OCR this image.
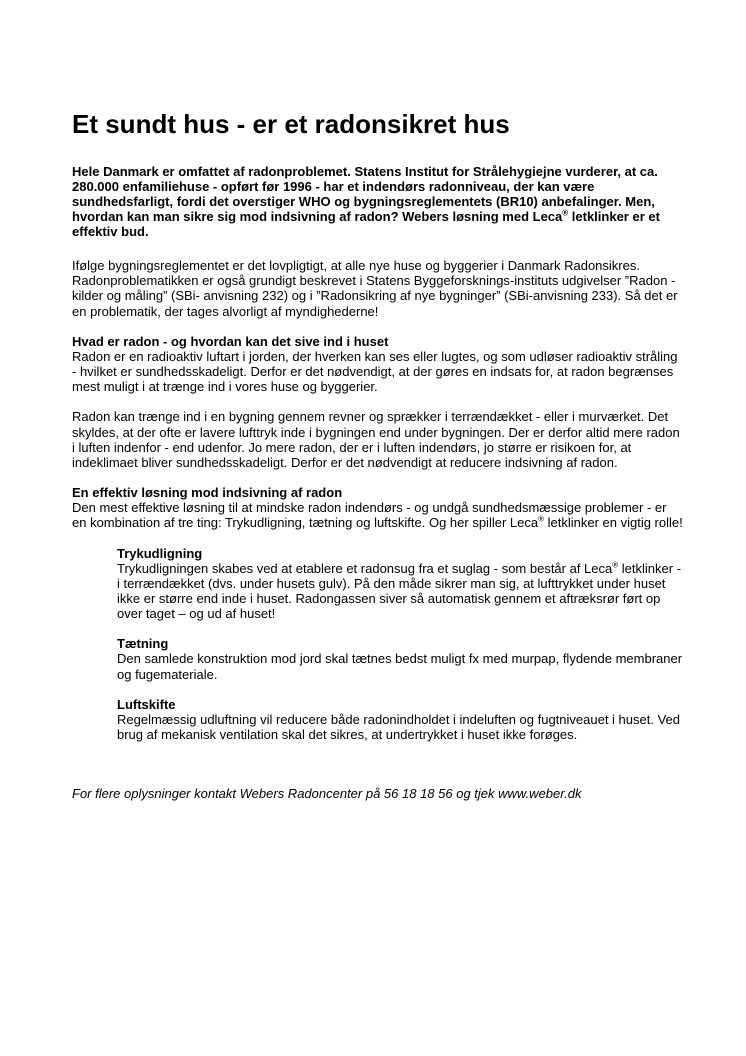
Et sundt hus - er et radonsikret hus

Hele Danmark er omfattet af radonproblemet. Statens Institut for Strålehygiejne vurderer, at ca. 280.000 enfamiliehuse - opført før 1996 - har et indendørs radonniveau, der kan være sundhedsfarligt, fordi det overstiger WHO og bygningsreglementets (BR10) anbefalinger. Men, hvordan kan man sikre sig mod indsivning af radon? Webers løsning med Leca® letklinker er et effektiv bud.

Ifølge bygningsreglementet er det lovpligtigt, at alle nye huse og byggerier i Danmark Radonsikres. Radonproblematikken er også grundigt beskrevet i Statens Byggeforsknings-instituts udgivelser ”Radon - kilder og måling” (SBi- anvisning 232) og i ”Radonsikring af nye bygninger” (SBi-anvisning 233). Så det er en problematik, der tages alvorligt af myndighederne!

Hvad er radon - og hvordan kan det sive ind i huset

Radon er en radioaktiv luftart i jorden, der hverken kan ses eller lugtes, og som udløser radioaktiv stråling - hvilket er sundhedsskadeligt. Derfor er det nødvendigt, at der gøres en indsats for, at radon begrænses mest muligt i at trænge ind i vores huse og byggerier.

Radon kan trænge ind i en bygning gennem revner og sprækker i terrændækket - eller i murværket. Det skyldes, at der ofte er lavere lufttryk inde i bygningen end under bygningen. Der er derfor altid mere radon i luften indenfor - end udenfor. Jo mere radon, der er i luften indendørs, jo større er risikoen for, at indeklimaet bliver sundhedsskadeligt. Derfor er det nødvendigt at reducere indsivning af radon.

En effektiv løsning mod indsivning af radon

Den mest effektive løsning til at mindske radon indendørs - og undgå sundhedsmæssige problemer - er en kombination af tre ting: Trykudligning, tætning og luftskifte. Og her spiller Leca® letklinker en vigtig rolle!

Trykudligning

Trykudligningen skabes ved at etablere et radonsug fra et suglag - som består af Leca® letklinker - i terrændækket (dvs. under husets gulv). På den måde sikrer man sig, at lufttrykket under huset ikke er større end inde i huset. Radongassen siver så automatisk gennem et aftræksrør ført op over taget – og ud af huset!

Tætning

Den samlede konstruktion mod jord skal tætnes bedst muligt fx med murpap, flydende membraner og fugemateriale.

Luftskifte

Regelmæssig udluftning vil reducere både radonindholdet i indeluften og fugtniveauet i huset. Ved brug af mekanisk ventilation skal det sikres, at undertrykket i huset ikke forøges.

For flere oplysninger kontakt Webers Radoncenter på 56 18 18 56 og tjek www.weber.dk
